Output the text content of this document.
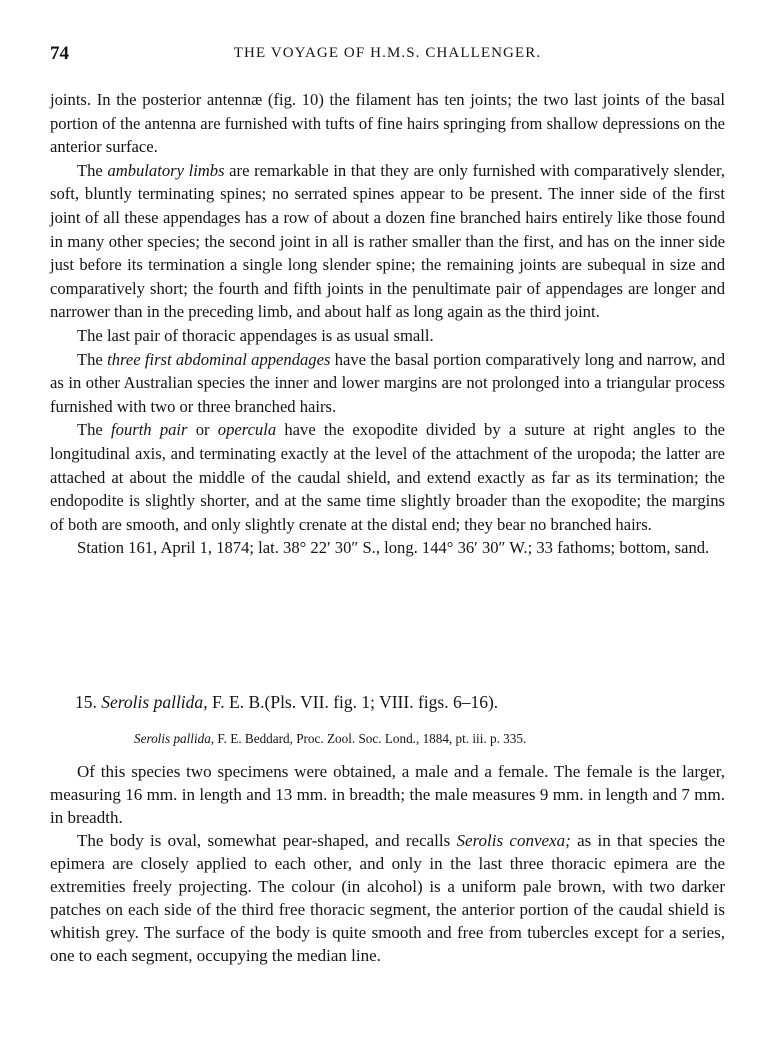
74	THE VOYAGE OF H.M.S. CHALLENGER.

joints. In the posterior antennæ (fig. 10) the filament has ten joints; the two last joints of the basal portion of the antenna are furnished with tufts of fine hairs springing from shallow depressions on the anterior surface.

The ambulatory limbs are remarkable in that they are only furnished with comparatively slender, soft, bluntly terminating spines; no serrated spines appear to be present. The inner side of the first joint of all these appendages has a row of about a dozen fine branched hairs entirely like those found in many other species; the second joint in all is rather smaller than the first, and has on the inner side just before its termination a single long slender spine; the remaining joints are subequal in size and comparatively short; the fourth and fifth joints in the penultimate pair of appendages are longer and narrower than in the preceding limb, and about half as long again as the third joint.

The last pair of thoracic appendages is as usual small.

The three first abdominal appendages have the basal portion comparatively long and narrow, and as in other Australian species the inner and lower margins are not prolonged into a triangular process furnished with two or three branched hairs.

The fourth pair or opercula have the exopodite divided by a suture at right angles to the longitudinal axis, and terminating exactly at the level of the attachment of the uropoda; the latter are attached at about the middle of the caudal shield, and extend exactly as far as its termination; the endopodite is slightly shorter, and at the same time slightly broader than the exopodite; the margins of both are smooth, and only slightly crenate at the distal end; they bear no branched hairs.

Station 161, April 1, 1874; lat. 38° 22′ 30″ S., long. 144° 36′ 30″ W.; 33 fathoms; bottom, sand.

15. Serolis pallida, F. E. B.(Pls. VII. fig. 1; VIII. figs. 6–16).
Serolis pallida, F. E. Beddard, Proc. Zool. Soc. Lond., 1884, pt. iii. p. 335.

Of this species two specimens were obtained, a male and a female. The female is the larger, measuring 16 mm. in length and 13 mm. in breadth; the male measures 9 mm. in length and 7 mm. in breadth.

The body is oval, somewhat pear-shaped, and recalls Serolis convexa; as in that species the epimera are closely applied to each other, and only in the last three thoracic epimera are the extremities freely projecting. The colour (in alcohol) is a uniform pale brown, with two darker patches on each side of the third free thoracic segment, the anterior portion of the caudal shield is whitish grey. The surface of the body is quite smooth and free from tubercles except for a series, one to each segment, occupying the median line.
